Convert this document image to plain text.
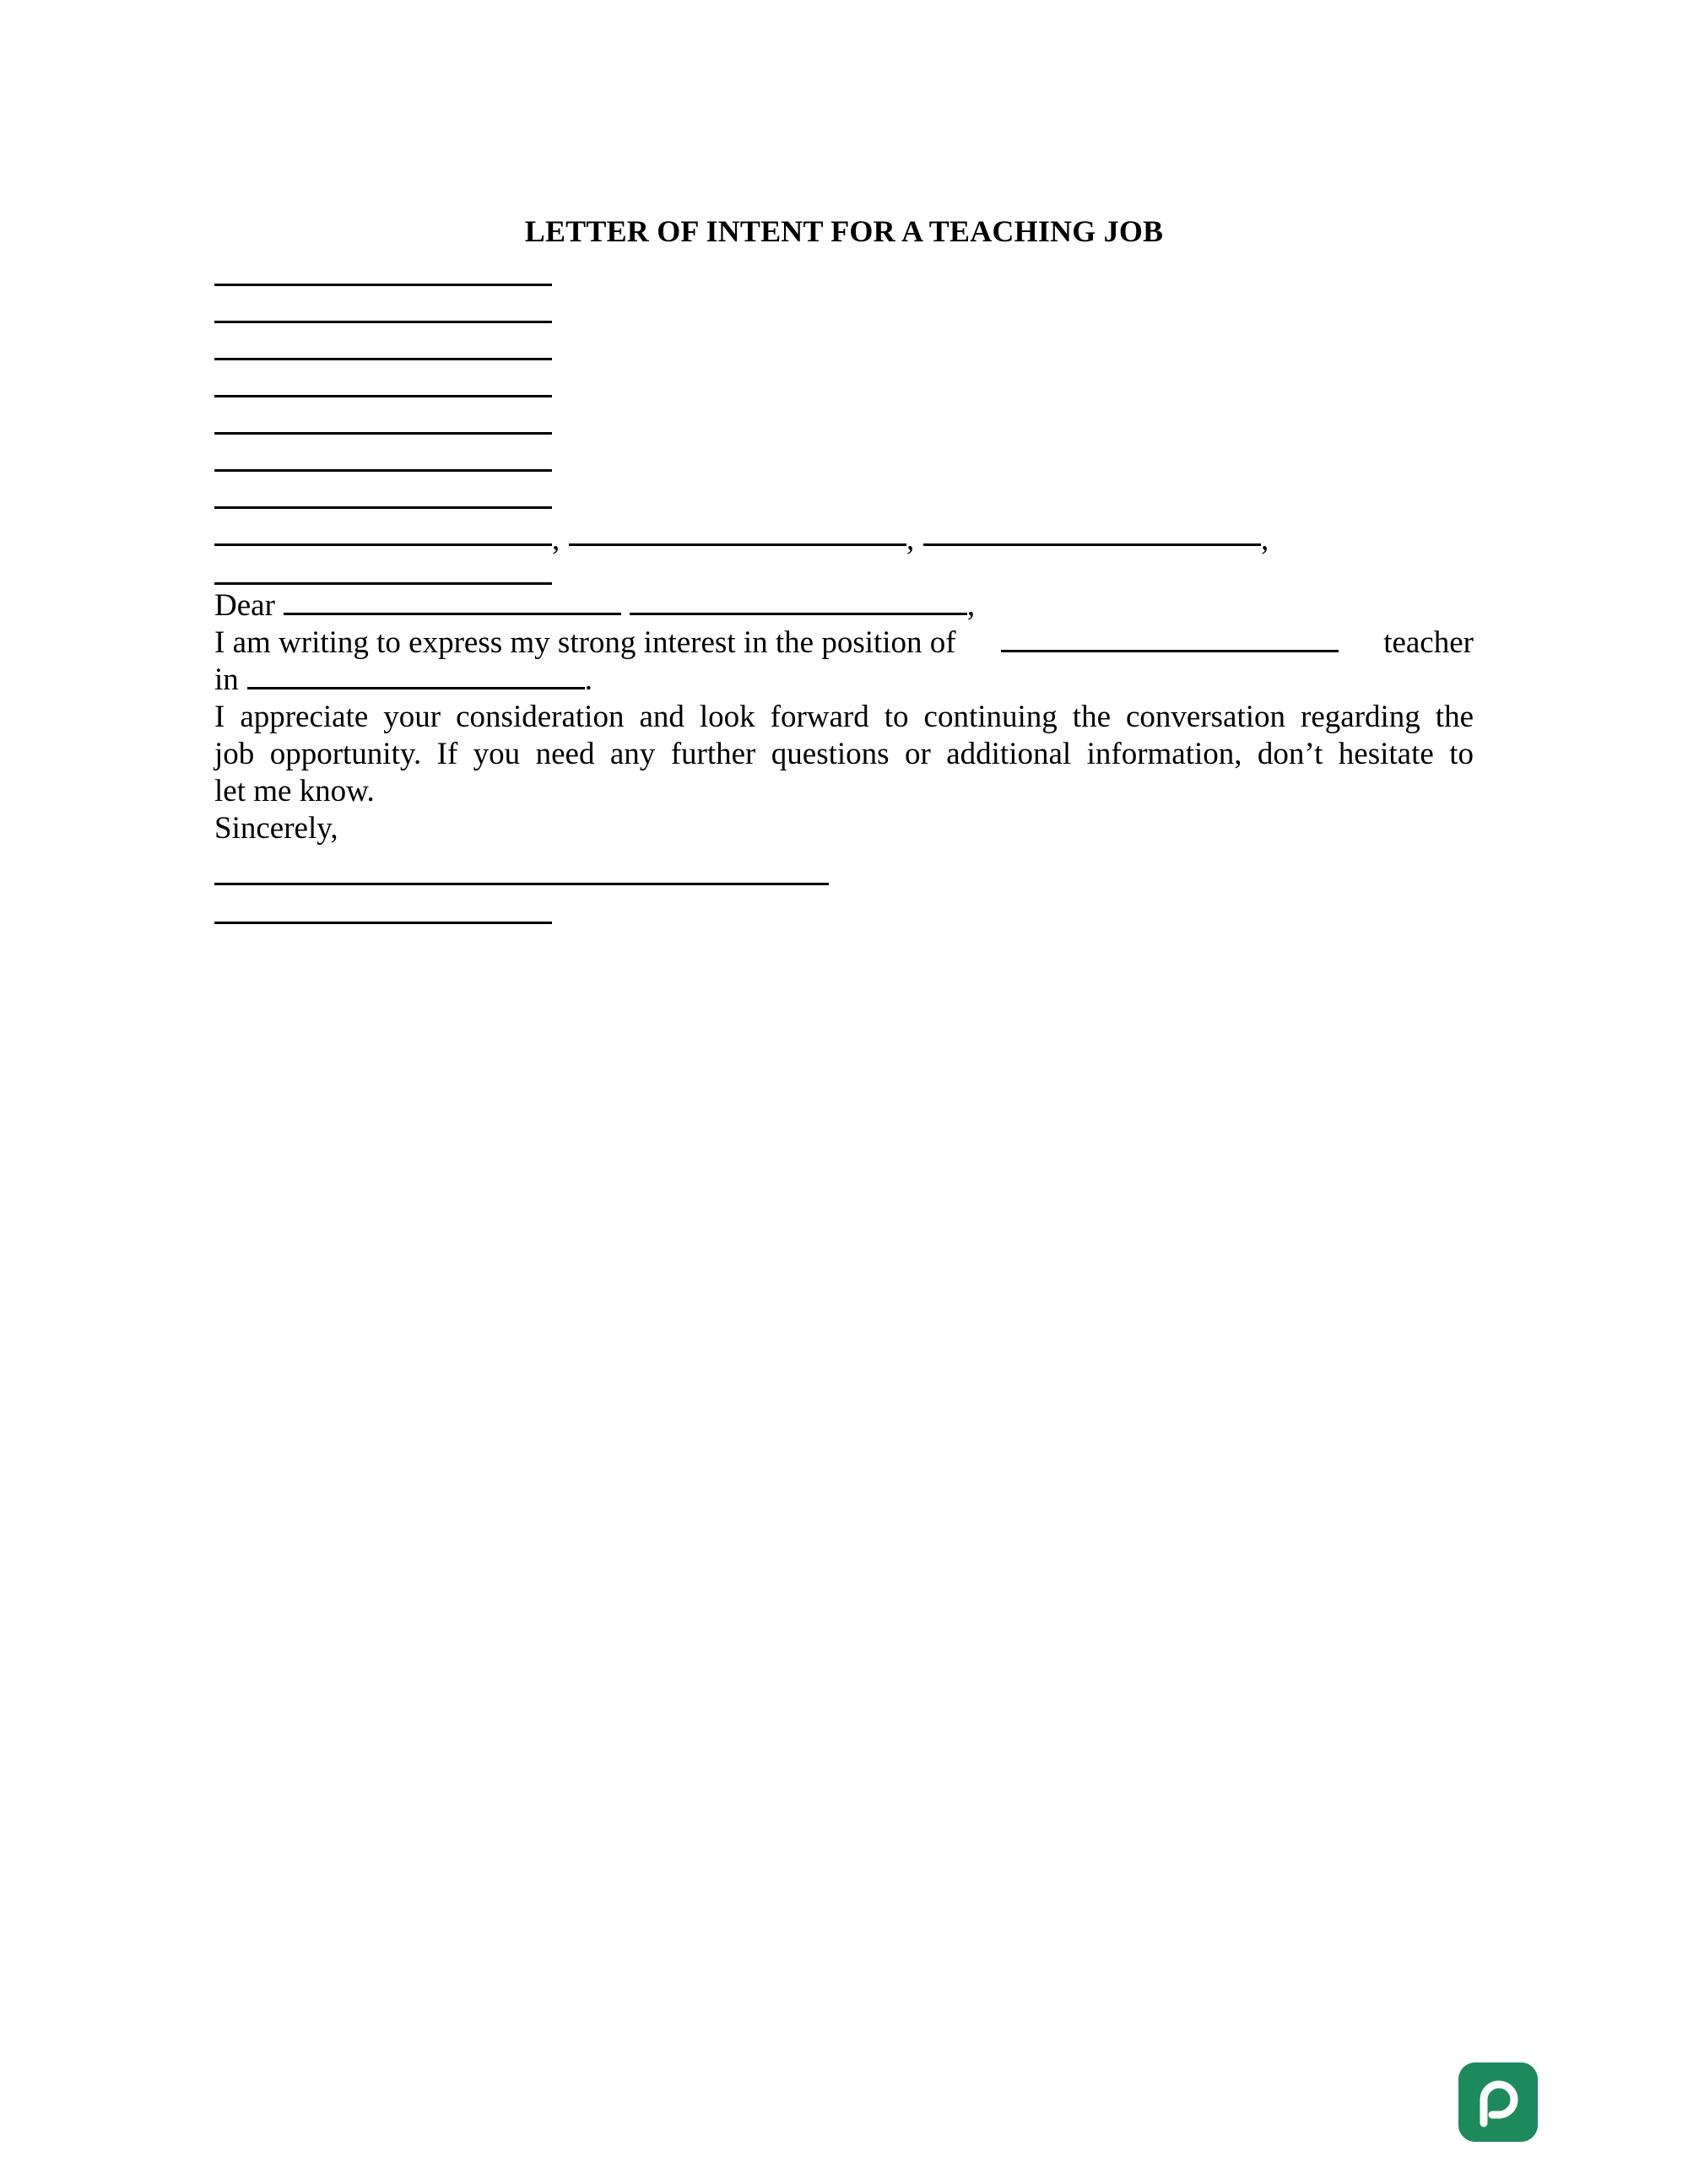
LETTER OF INTENT FOR A TEACHING JOB
,	,	,
Dear	,
I am writing to express my strong interest in the position of	teacher
in	.
I appreciate your consideration and look forward to continuing the conversation regarding the
job opportunity. If you need any further questions or additional information, don’t hesitate to
let me know.
Sincerely,
